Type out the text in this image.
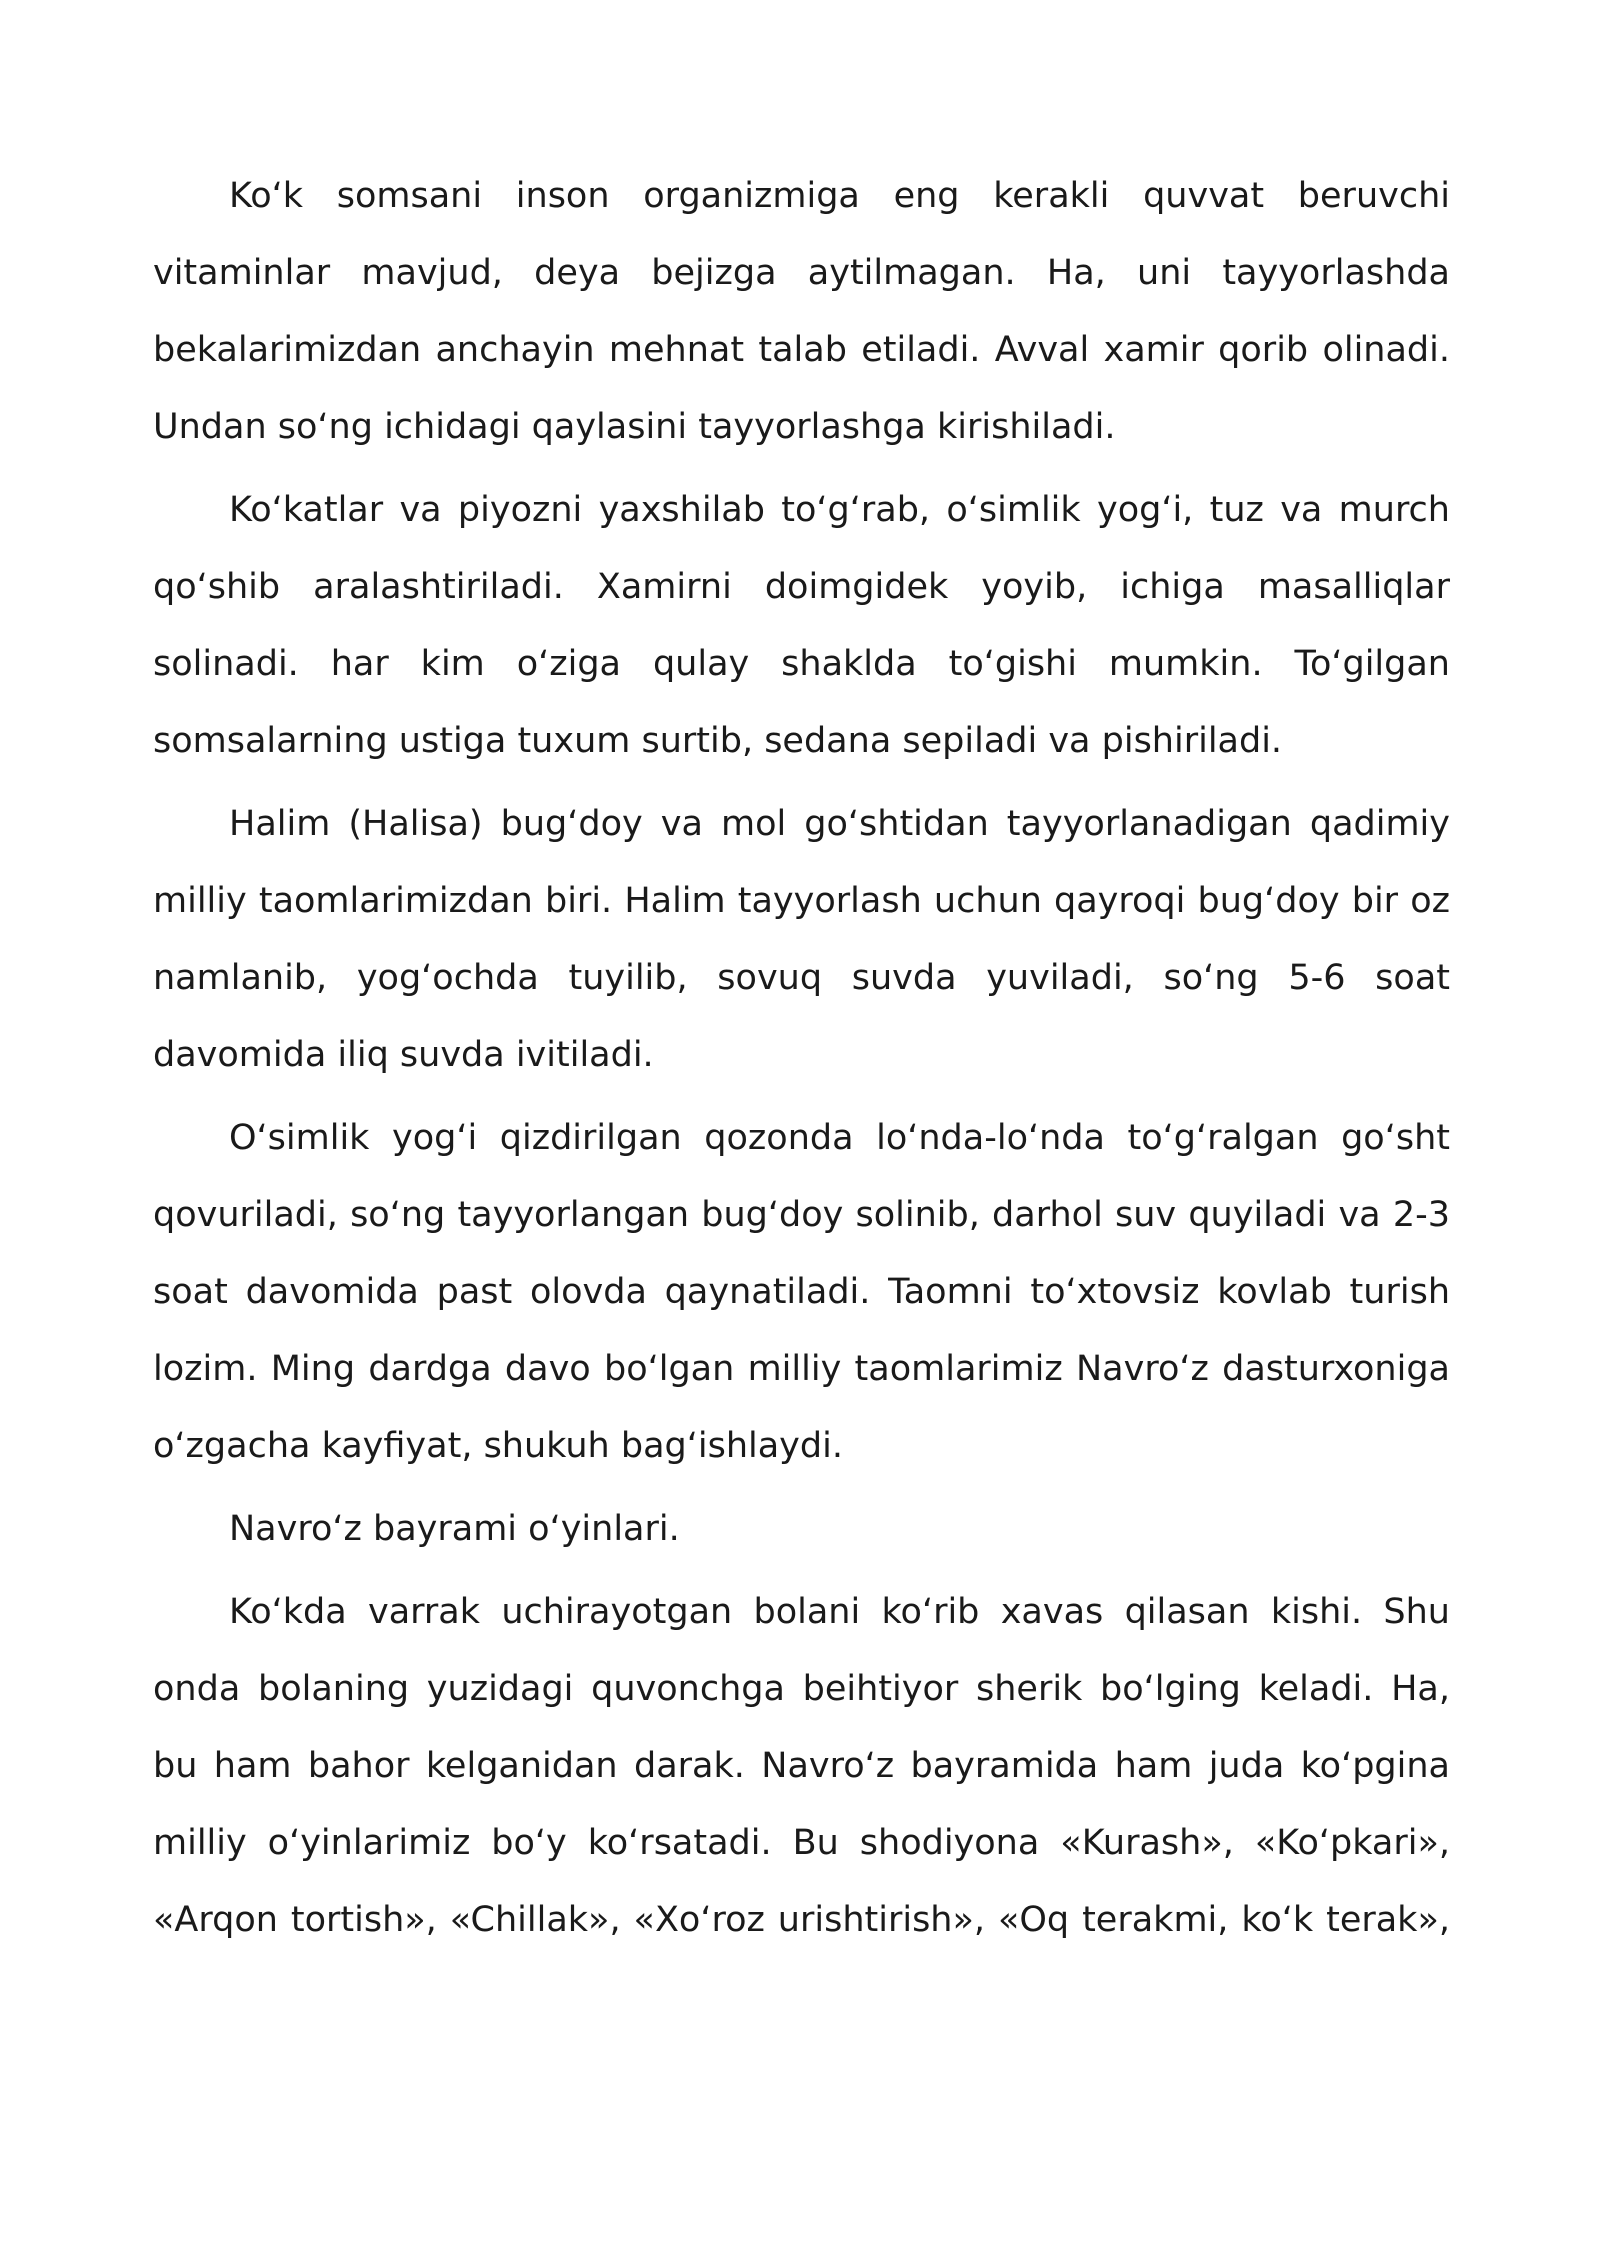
Ko‘k somsani inson organizmiga eng kerakli quvvat beruvchi vitaminlar mavjud, deya bejizga aytilmagan. Ha, uni tayyorlashda bekalarimizdan anchayin mehnat talab etiladi. Avval xamir qorib olinadi. Undan so‘ng ichidagi qaylasini tayyorlashga kirishiladi.

Ko‘katlar va piyozni yaxshilab to‘g‘rab, o‘simlik yog‘i, tuz va murch qo‘shib aralashtiriladi. Xamirni doimgidek yoyib, ichiga masalliqlar solinadi. har kim o‘ziga qulay shaklda to‘gishi mumkin. To‘gilgan somsalarning ustiga tuxum surtib, sedana sepiladi va pishiriladi.

Halim (Halisa) bug‘doy va mol go‘shtidan tayyorlanadigan qadimiy milliy taomlarimizdan biri. Halim tayyorlash uchun qayroqi bug‘doy bir oz namlanib, yog‘ochda tuyilib, sovuq suvda yuviladi, so‘ng 5-6 soat davomida iliq suvda ivitiladi.

O‘simlik yog‘i qizdirilgan qozonda lo‘nda-lo‘nda to‘g‘ralgan go‘sht qovuriladi, so‘ng tayyorlangan bug‘doy solinib, darhol suv quyiladi va 2-3 soat davomida past olovda qaynatiladi. Taomni to‘xtovsiz kovlab turish lozim. Ming dardga davo bo‘lgan milliy taomlarimiz Navro‘z dasturxoniga o‘zgacha kayfiyat, shukuh bag‘ishlaydi.

Navro‘z bayrami o‘yinlari.

Ko‘kda varrak uchirayotgan bolani ko‘rib xavas qilasan kishi. Shu onda bolaning yuzidagi quvonchga beihtiyor sherik bo‘lging keladi. Ha, bu ham bahor kelganidan darak. Navro‘z bayramida ham juda ko‘pgina milliy o‘yinlarimiz bo‘y ko‘rsatadi. Bu shodiyona «Kurash», «Ko‘pkari», «Arqon tortish», «Chillak», «Xo‘roz urishtirish», «Oq terakmi, ko‘k terak»,
